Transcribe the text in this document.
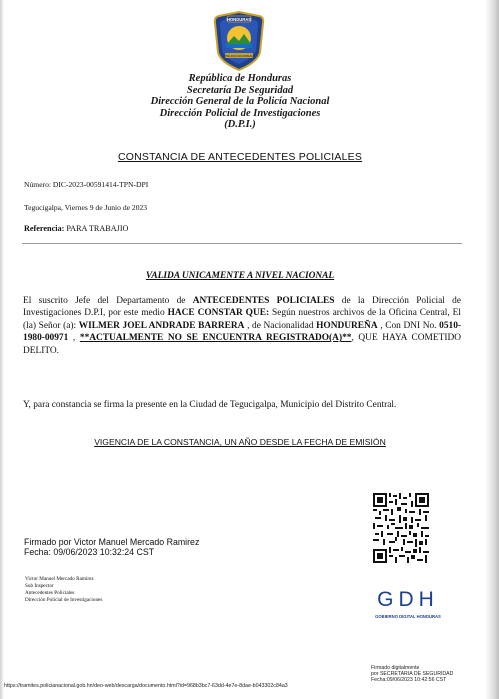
HONDURAS
POLICIA NACIONAL
República de Honduras
Secretaría De Seguridad
Dirección General de la Policía Nacional
Dirección Policial de Investigaciones
(D.P.I.)
CONSTANCIA DE ANTECEDENTES POLICIALES
Número: DIC-2023-00591414-TPN-DPI
Tegucigalpa, Viernes 9 de Junio de 2023
Referencia: PARA TRABAJIO
VALIDA UNICAMENTE A NIVEL NACIONAL
El suscrito Jefe del Departamento de ANTECEDENTES POLICIALES de la Dirección Policial de Investigaciones D.P.I, por este medio HACE CONSTAR QUE: Según nuestros archivos de la Oficina Central, El (la) Señor (a): WILMER JOEL ANDRADE BARRERA , de Nacionalidad HONDUREÑA , Con DNI No. 0510-1980-00971 , **ACTUALMENTE NO SE ENCUENTRA REGISTRADO(A)**, QUE HAYA COMETIDO DELITO.
Y, para constancia se firma la presente en la Ciudad de Tegucigalpa, Municipio del Distrito Central.
VIGENCIA DE LA CONSTANCIA, UN AÑO DESDE LA FECHA DE EMISIÓN
Firmado por Victor Manuel Mercado Ramirez
Fecha: 09/06/2023 10:32:24 CST
Victor Manuel Mercado Ramirez
Sub Inspector
Antecedentes Policiales
Dirección Policial de Investigaciones	GDH
GOBIERNO DIGITAL HONDURAS
Firmado digitalmente
por SECRETARIA DE SEGURIDAD
Fecha:09/06/2023 10:42:56 CST
https://tramites.policianacional.gob.hn/deo-web/descarga/documento.html?id=968b3bc7-63dd-4e7e-8dae-b043302c84a3
